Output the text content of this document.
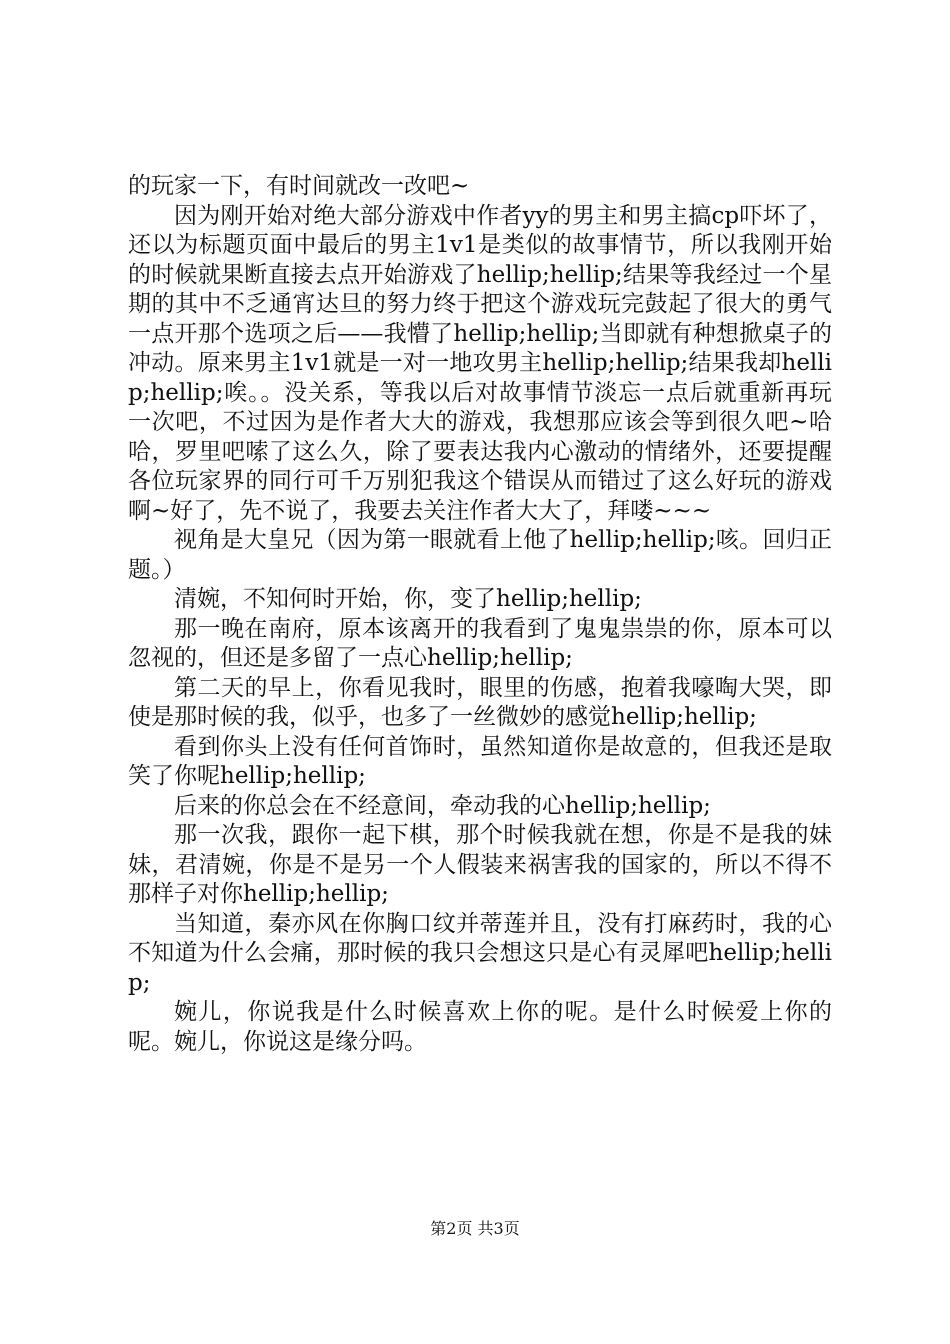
的玩家一下，有时间就改一改吧~

因为刚开始对绝大部分游戏中作者yy的男主和男主搞cp吓坏了，还以为标题页面中最后的男主1v1是类似的故事情节，所以我刚开始的时候就果断直接去点开始游戏了hellip;hellip;结果等我经过一个星期的其中不乏通宵达旦的努力终于把这个游戏玩完鼓起了很大的勇气一点开那个选项之后——我懵了hellip;hellip;当即就有种想掀桌子的冲动。原来男主1v1就是一对一地攻男主hellip;hellip;结果我却hellip;hellip;唉。。没关系，等我以后对故事情节淡忘一点后就重新再玩一次吧，不过因为是作者大大的游戏，我想那应该会等到很久吧~哈哈，罗里吧嗦了这么久，除了要表达我内心激动的情绪外，还要提醒各位玩家界的同行可千万别犯我这个错误从而错过了这么好玩的游戏啊~好了，先不说了，我要去关注作者大大了，拜喽~~~

视角是大皇兄（因为第一眼就看上他了hellip;hellip;咳。回归正题。）

清婉，不知何时开始，你，变了hellip;hellip;

那一晚在南府，原本该离开的我看到了鬼鬼祟祟的你，原本可以忽视的，但还是多留了一点心hellip;hellip;

第二天的早上，你看见我时，眼里的伤感，抱着我嚎啕大哭，即使是那时候的我，似乎，也多了一丝微妙的感觉hellip;hellip;

看到你头上没有任何首饰时，虽然知道你是故意的，但我还是取笑了你呢hellip;hellip;

后来的你总会在不经意间，牵动我的心hellip;hellip;

那一次我，跟你一起下棋，那个时候我就在想，你是不是我的妹妹，君清婉，你是不是另一个人假装来祸害我的国家的，所以不得不那样子对你hellip;hellip;

当知道，秦亦风在你胸口纹并蒂莲并且，没有打麻药时，我的心不知道为什么会痛，那时候的我只会想这只是心有灵犀吧hellip;hellip;

婉儿，你说我是什么时候喜欢上你的呢。是什么时候爱上你的呢。婉儿，你说这是缘分吗。

第2页 共3页
